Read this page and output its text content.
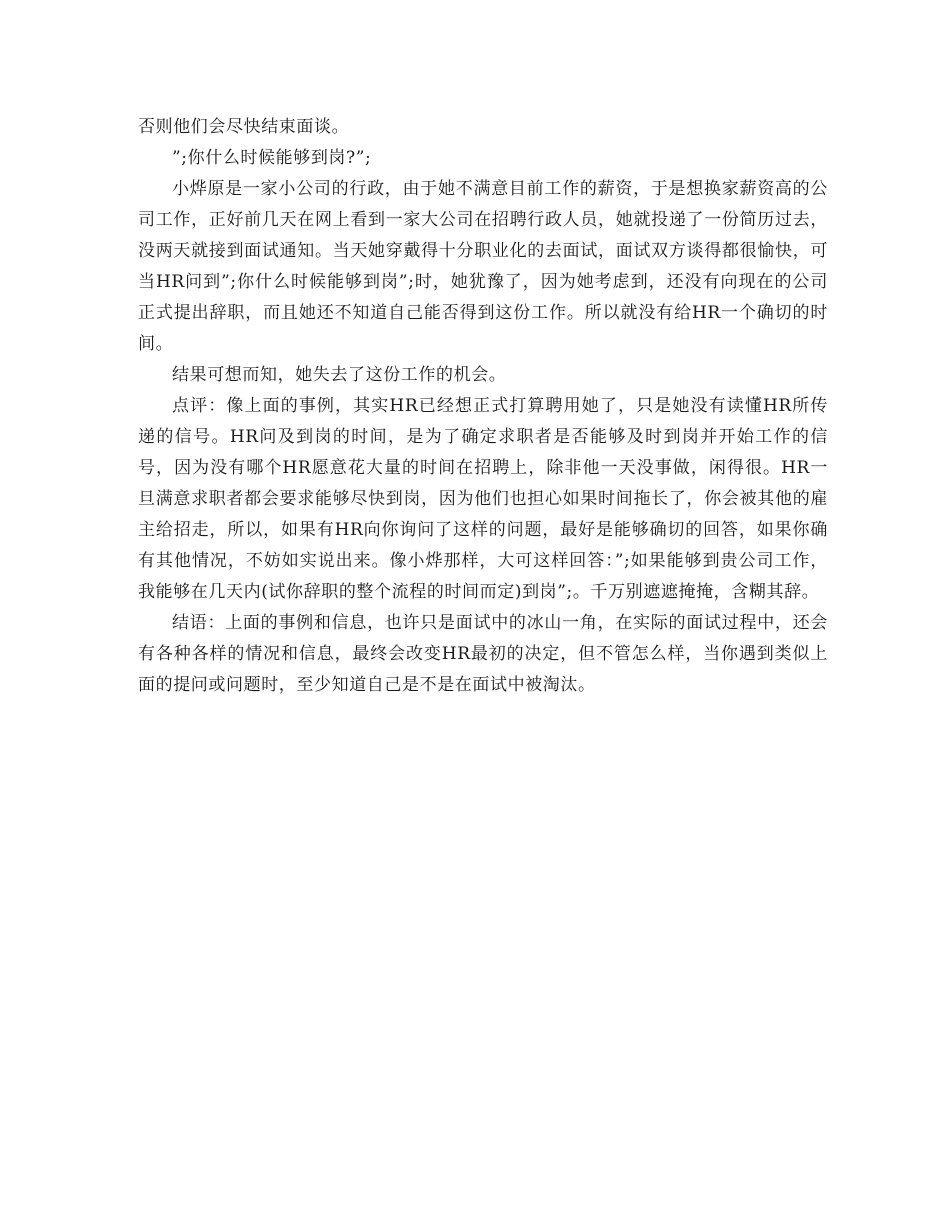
否则他们会尽快结束面谈。

”;你什么时候能够到岗?”;

小烨原是一家小公司的行政，由于她不满意目前工作的薪资，于是想换家薪资高的公司工作，正好前几天在网上看到一家大公司在招聘行政人员，她就投递了一份简历过去，没两天就接到面试通知。当天她穿戴得十分职业化的去面试，面试双方谈得都很愉快，可当HR问到”;你什么时候能够到岗”;时，她犹豫了，因为她考虑到，还没有向现在的公司正式提出辞职，而且她还不知道自己能否得到这份工作。所以就没有给HR一个确切的时间。

结果可想而知，她失去了这份工作的机会。

点评：像上面的事例，其实HR已经想正式打算聘用她了，只是她没有读懂HR所传递的信号。HR问及到岗的时间，是为了确定求职者是否能够及时到岗并开始工作的信号，因为没有哪个HR愿意花大量的时间在招聘上，除非他一天没事做，闲得很。HR一旦满意求职者都会要求能够尽快到岗，因为他们也担心如果时间拖长了，你会被其他的雇主给招走，所以，如果有HR向你询问了这样的问题，最好是能够确切的回答，如果你确有其他情况，不妨如实说出来。像小烨那样，大可这样回答：”;如果能够到贵公司工作，我能够在几天内(试你辞职的整个流程的时间而定)到岗”;。千万别遮遮掩掩，含糊其辞。

结语：上面的事例和信息，也许只是面试中的冰山一角，在实际的面试过程中，还会有各种各样的情况和信息，最终会改变HR最初的决定，但不管怎么样，当你遇到类似上面的提问或问题时，至少知道自己是不是在面试中被淘汰。
